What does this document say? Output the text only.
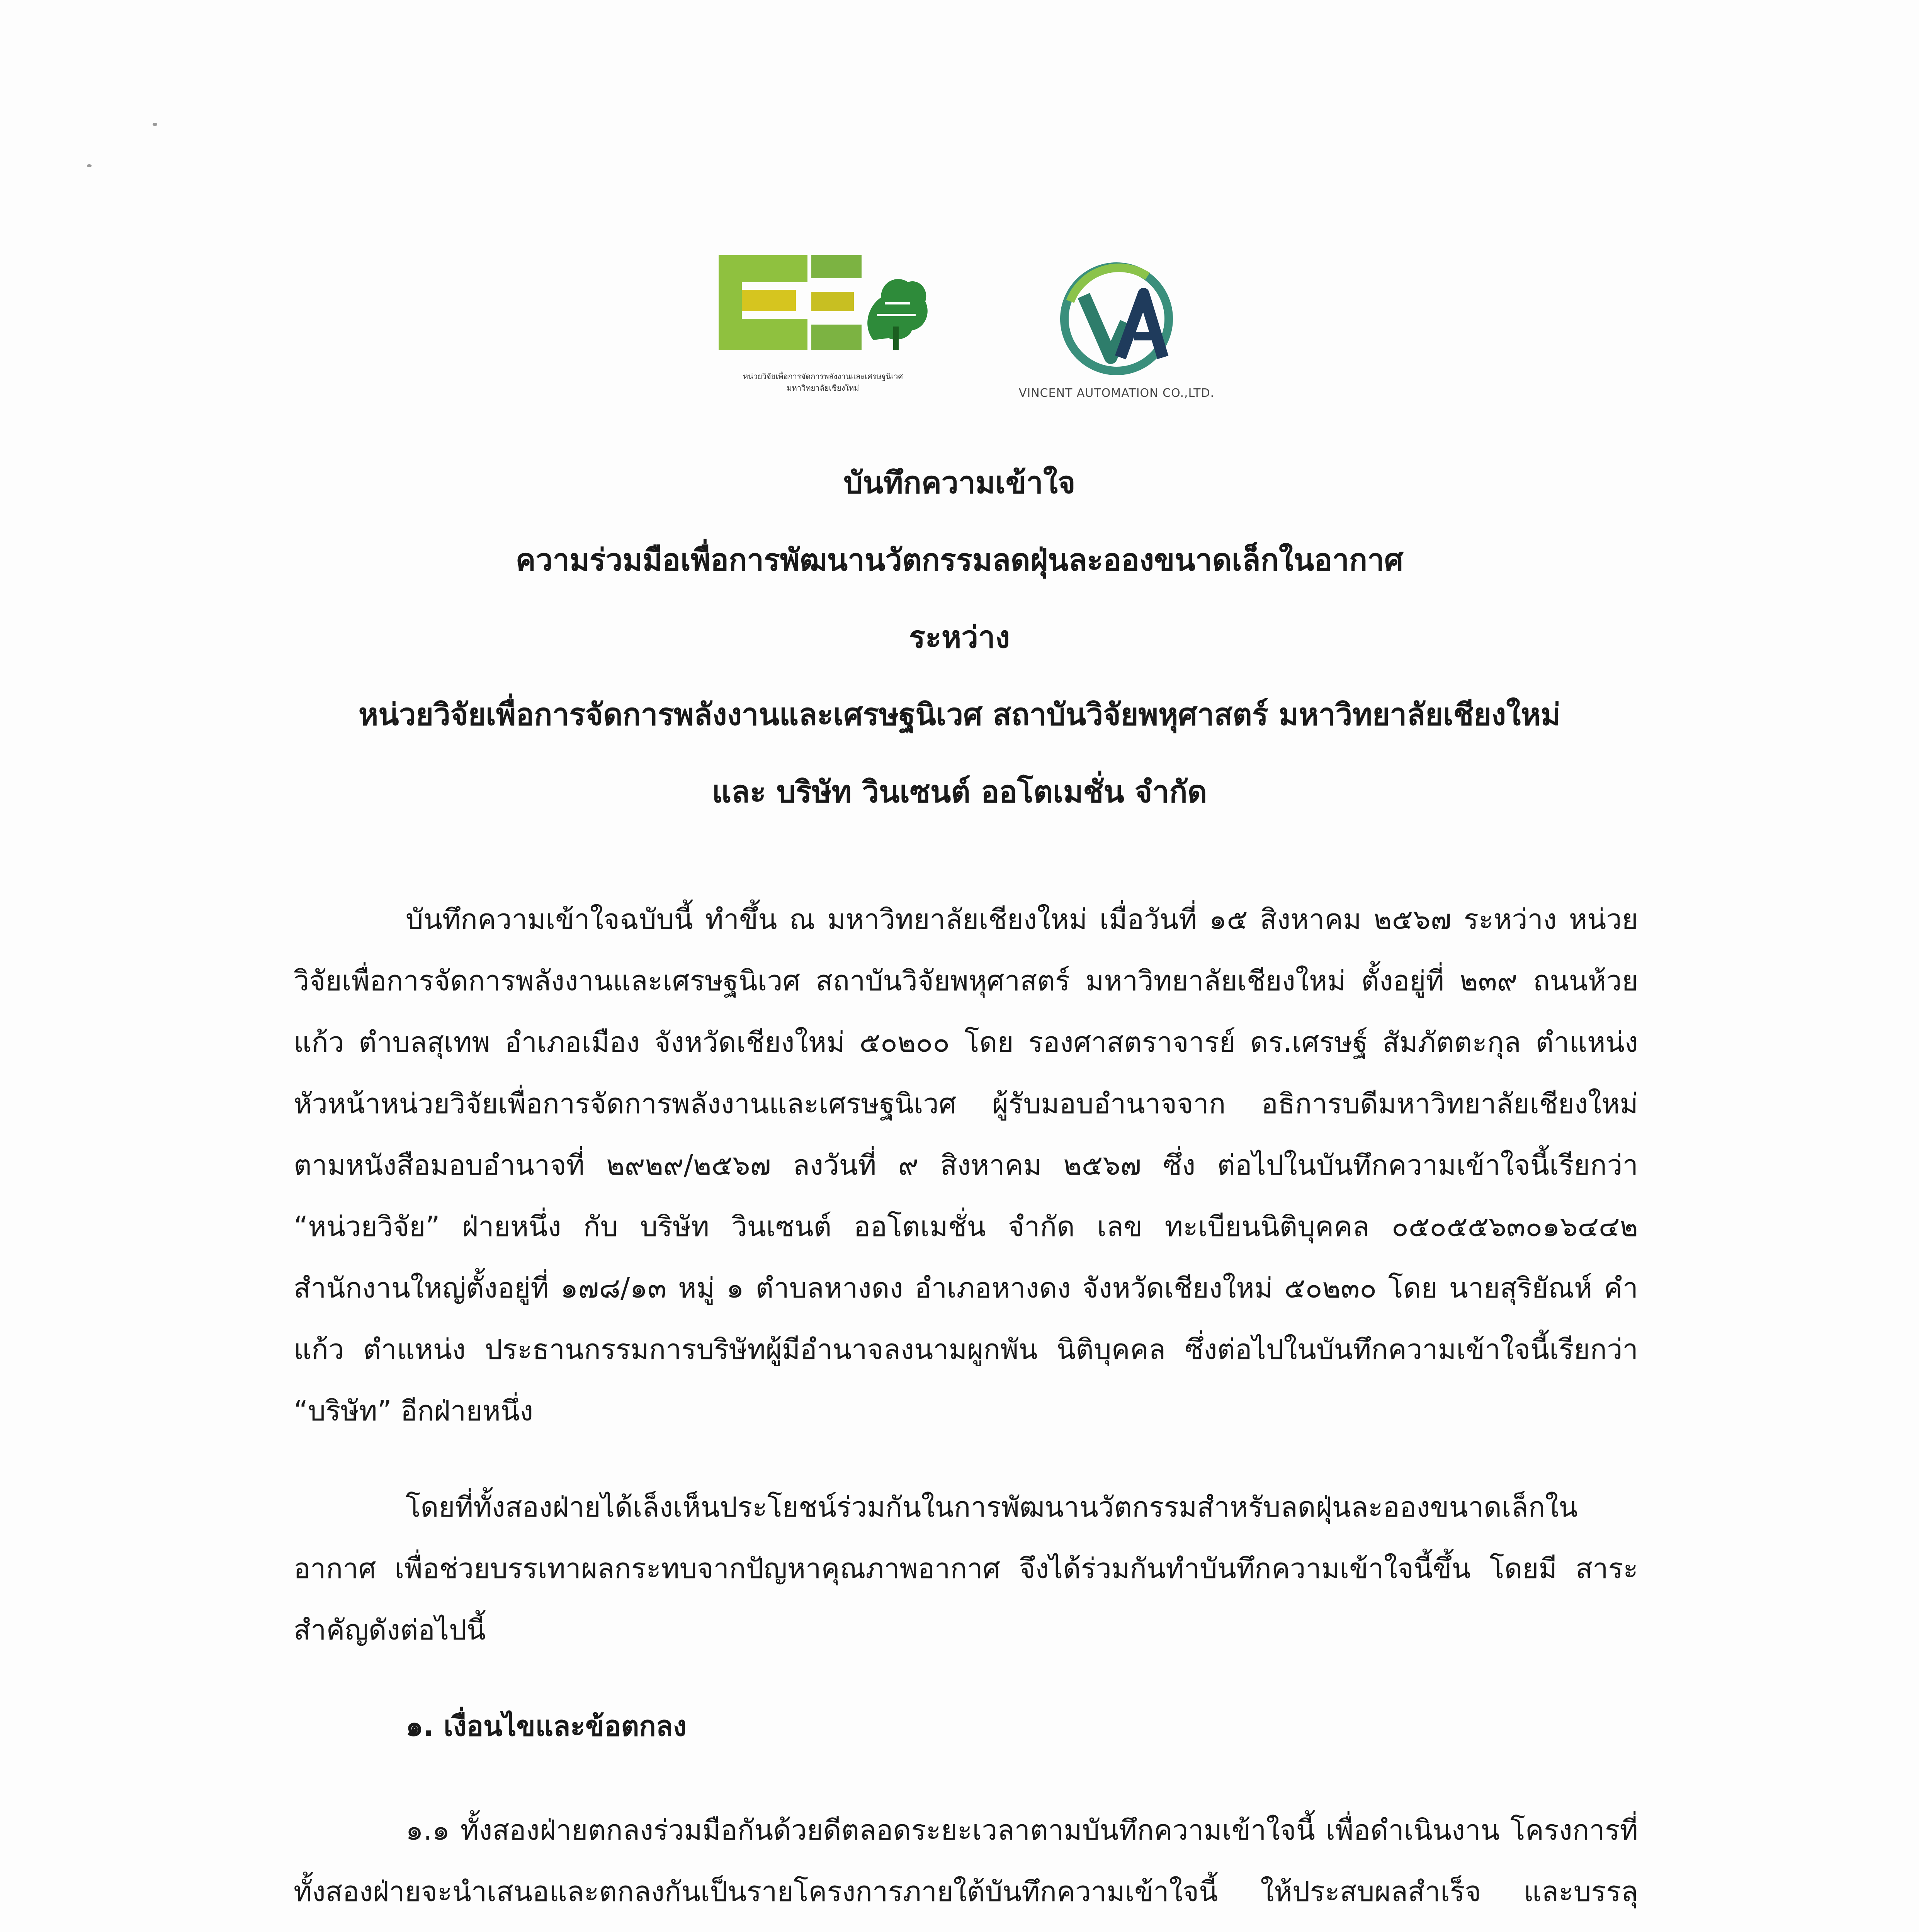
หน่วยวิจัยเพื่อการจัดการพลังงานและเศรษฐนิเวศ
มหาวิทยาลัยเชียงใหม่	VINCENT AUTOMATION CO.,LTD.
บันทึกความเข้าใจ
ความร่วมมือเพื่อการพัฒนานวัตกรรมลดฝุ่นละอองขนาดเล็กในอากาศ
ระหว่าง
หน่วยวิจัยเพื่อการจัดการพลังงานและเศรษฐนิเวศ สถาบันวิจัยพหุศาสตร์ มหาวิทยาลัยเชียงใหม่
และ บริษัท วินเซนต์ ออโตเมชั่น จำกัด

บันทึกความเข้าใจฉบับนี้ ทำขึ้น ณ มหาวิทยาลัยเชียงใหม่ เมื่อวันที่ ๑๕ สิงหาคม ๒๕๖๗ ระหว่าง หน่วยวิจัยเพื่อการจัดการพลังงานและเศรษฐนิเวศ สถาบันวิจัยพหุศาสตร์ มหาวิทยาลัยเชียงใหม่ ตั้งอยู่ที่ ๒๓๙ ถนนห้วยแก้ว ตำบลสุเทพ อำเภอเมือง จังหวัดเชียงใหม่ ๕๐๒๐๐ โดย รองศาสตราจารย์ ดร.เศรษฐ์ สัมภัตตะกุล ตำแหน่ง หัวหน้าหน่วยวิจัยเพื่อการจัดการพลังงานและเศรษฐนิเวศ ผู้รับมอบอำนาจจาก อธิการบดีมหาวิทยาลัยเชียงใหม่ ตามหนังสือมอบอำนาจที่ ๒๙๒๙/๒๕๖๗ ลงวันที่ ๙ สิงหาคม ๒๕๖๗ ซึ่ง ต่อไปในบันทึกความเข้าใจนี้เรียกว่า “หน่วยวิจัย” ฝ่ายหนึ่ง กับ บริษัท วินเซนต์ ออโตเมชั่น จำกัด เลข ทะเบียนนิติบุคคล ๐๕๐๕๕๖๓๐๑๖๔๔๒ สำนักงานใหญ่ตั้งอยู่ที่ ๑๗๘/๑๓ หมู่ ๑ ตำบลหางดง อำเภอหางดง จังหวัดเชียงใหม่ ๕๐๒๓๐ โดย นายสุริยัณห์ คำแก้ว ตำแหน่ง ประธานกรรมการบริษัทผู้มีอำนาจลงนามผูกพัน นิติบุคคล ซึ่งต่อไปในบันทึกความเข้าใจนี้เรียกว่า “บริษัท” อีกฝ่ายหนึ่ง

โดยที่ทั้งสองฝ่ายได้เล็งเห็นประโยชน์ร่วมกันในการพัฒนานวัตกรรมสำหรับลดฝุ่นละอองขนาดเล็กใน อากาศ เพื่อช่วยบรรเทาผลกระทบจากปัญหาคุณภาพอากาศ จึงได้ร่วมกันทำบันทึกความเข้าใจนี้ขึ้น โดยมี สาระสำคัญดังต่อไปนี้

๑. เงื่อนไขและข้อตกลง

๑.๑ ทั้งสองฝ่ายตกลงร่วมมือกันด้วยดีตลอดระยะเวลาตามบันทึกความเข้าใจนี้ เพื่อดำเนินงาน โครงการที่ทั้งสองฝ่ายจะนำเสนอและตกลงกันเป็นรายโครงการภายใต้บันทึกความเข้าใจนี้ ให้ประสบผลสำเร็จ และบรรลุ
